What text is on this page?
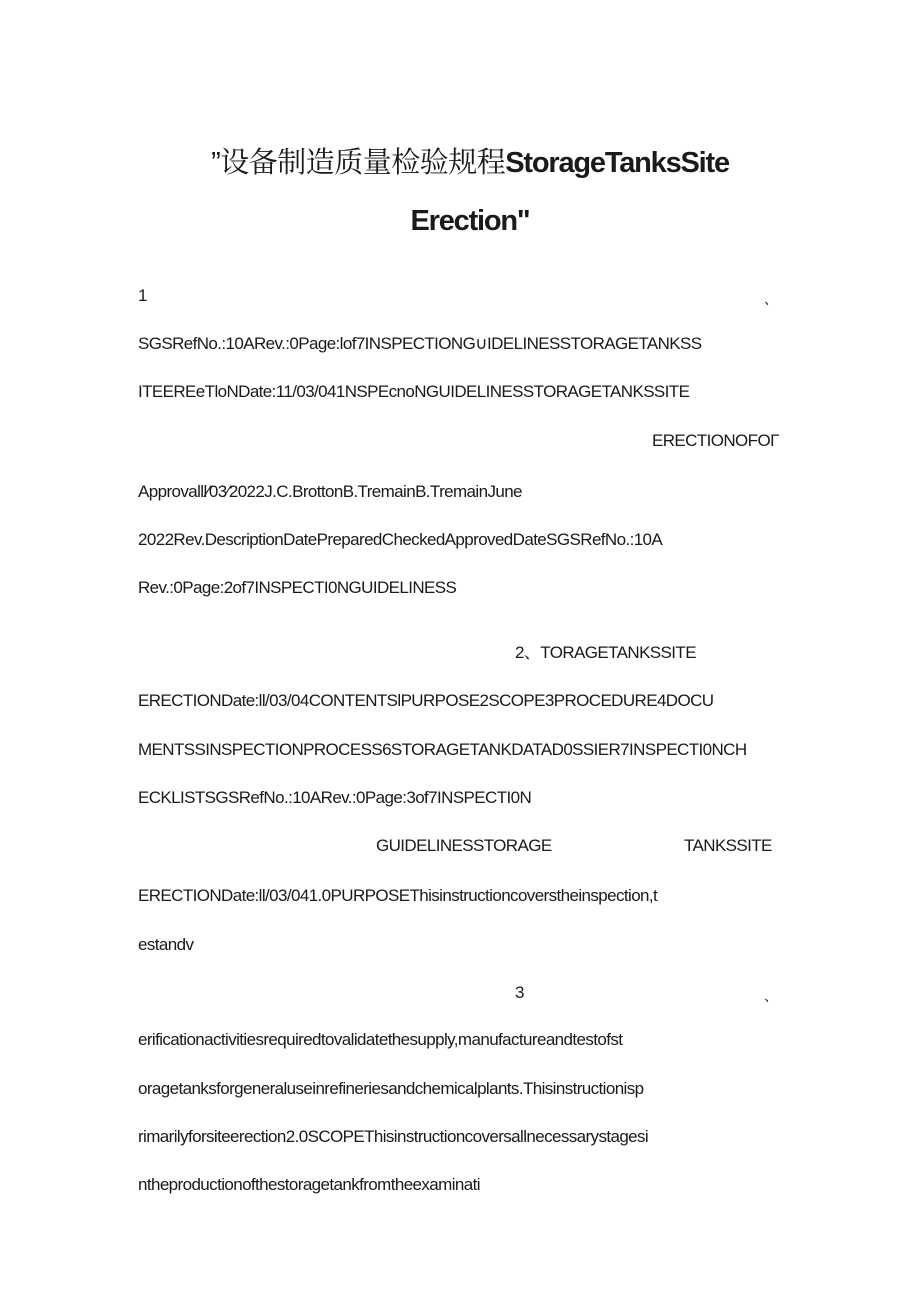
”设备制造质量检验规程StorageTanksSite
Erection"
1	、
SGSRefNo.:10ARev.:0Page:lof7INSPECTIONG∪IDELINESSTORAGETANKSS
ITEEREeTloNDate:11/03/041NSPEcnoNGUIDELINESSTORAGETANKSSITE
ERECTIONOFOΓ
Approvalll⁄03⁄2022J.C.BrottonB.TremainB.TremainJune
2022Rev.DescriptionDatePreparedCheckedApprovedDateSGSRefNo.:10A
Rev.:0Page:2of7INSPECTI0NGUIDELINESS
2、TORAGETANKSSITE
ERECTIONDate:ll/03/04CONTENTSlPURPOSE2SCOPE3PROCEDURE4DOCU
MENTSSINSPECTIONPROCESS6STORAGETANKDATAD0SSIER7INSPECTI0NCH
ECKLISTSGSRefNo.:10ARev.:0Page:3of7INSPECTI0N
GUIDELINESSTORAGE	TANKSSITE
ERECTIONDate:ll/03/041.0PURPOSEThisinstructioncoverstheinspection,t
estandv
3	、
erificationactivitiesrequiredtovalidatethesupply,manufactureandtestofst
oragetanksforgeneraluseinrefineriesandchemicalplants.Thisinstructionisp
rimarilyforsiteerection2.0SCOPEThisinstructioncoversallnecessarystagesi
ntheproductionofthestoragetankfromtheexaminati
